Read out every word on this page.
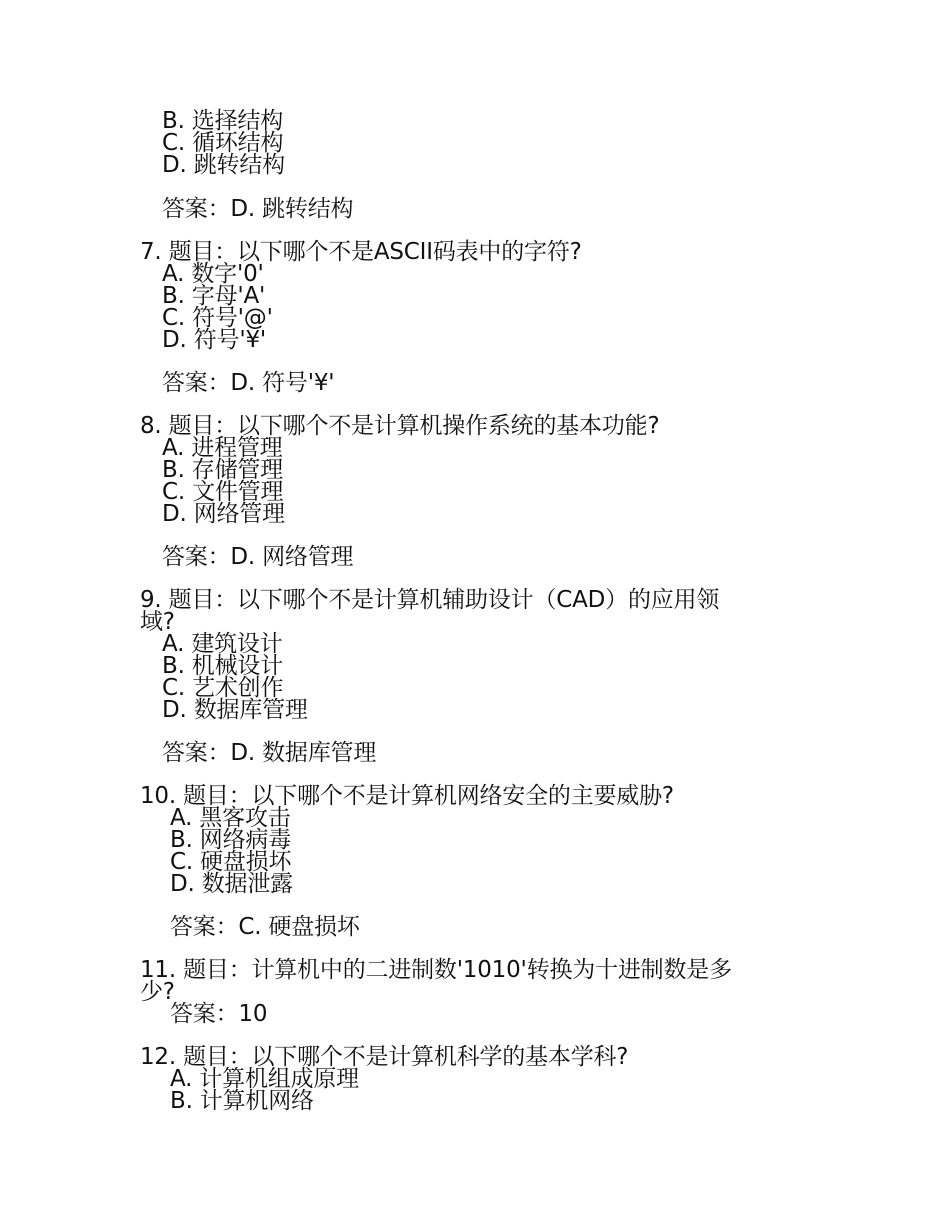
B. 选择结构
C. 循环结构
D. 跳转结构
答案：D. 跳转结构
7. 题目：以下哪个不是ASCII码表中的字符?
A. 数字'0'
B. 字母'A'
C. 符号'@'
D. 符号'¥'
答案：D. 符号'¥'
8. 题目：以下哪个不是计算机操作系统的基本功能?
A. 进程管理
B. 存储管理
C. 文件管理
D. 网络管理
答案：D. 网络管理
9. 题目：以下哪个不是计算机辅助设计（CAD）的应用领
域?
A. 建筑设计
B. 机械设计
C. 艺术创作
D. 数据库管理
答案：D. 数据库管理
10. 题目：以下哪个不是计算机网络安全的主要威胁?
A. 黑客攻击
B. 网络病毒
C. 硬盘损坏
D. 数据泄露
答案：C. 硬盘损坏
11. 题目：计算机中的二进制数'1010'转换为十进制数是多
少?
答案：10
12. 题目：以下哪个不是计算机科学的基本学科?
A. 计算机组成原理
B. 计算机网络
